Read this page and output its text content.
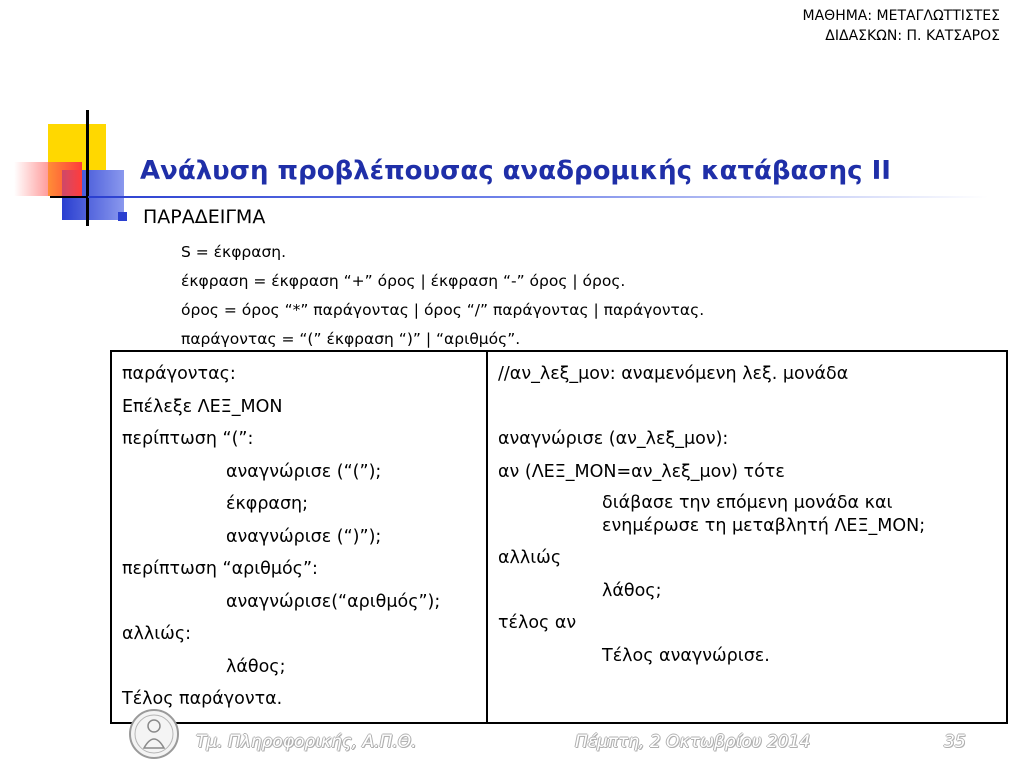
ΜΑΘΗΜΑ: ΜΕΤΑΓΛΩΤΤΙΣΤΕΣ
ΔΙΔΑΣΚΩΝ: Π. ΚΑΤΣΑΡΟΣ
Ανάλυση προβλέπουσας αναδρομικής κατάβασης ΙΙ
ΠΑΡΑΔΕΙΓΜΑ
S = έκφραση.
έκφραση = έκφραση “+” όρος | έκφραση “-” όρος | όρος.
όρος = όρος “*” παράγοντας | όρος “/” παράγοντας | παράγοντας.
παράγοντας = “(” έκφραση “)” | “αριθμός”.
παράγοντας:
Επέλεξε ΛΕΞ_ΜΟΝ
περίπτωση “(”:
αναγνώρισε (“(”);
έκφραση;
αναγνώρισε (“)”);
περίπτωση “αριθμός”:
αναγνώρισε(“αριθμός”);
αλλιώς:
λάθος;
Τέλος παράγοντα.

//αν_λεξ_μον: αναμενόμενη λεξ. μονάδα
αναγνώρισε (αν_λεξ_μον):
αν (ΛΕΞ_ΜΟΝ=αν_λεξ_μον) τότε
διάβασε την επόμενη μονάδα και
ενημέρωσε τη μεταβλητή ΛΕΞ_ΜΟΝ;
αλλιώς
λάθος;
τέλος αν
Τέλος αναγνώρισε.
Τμ. Πληροφορικής, Α.Π.Θ.	Πέμπτη, 2 Οκτωβρίου 2014	35
